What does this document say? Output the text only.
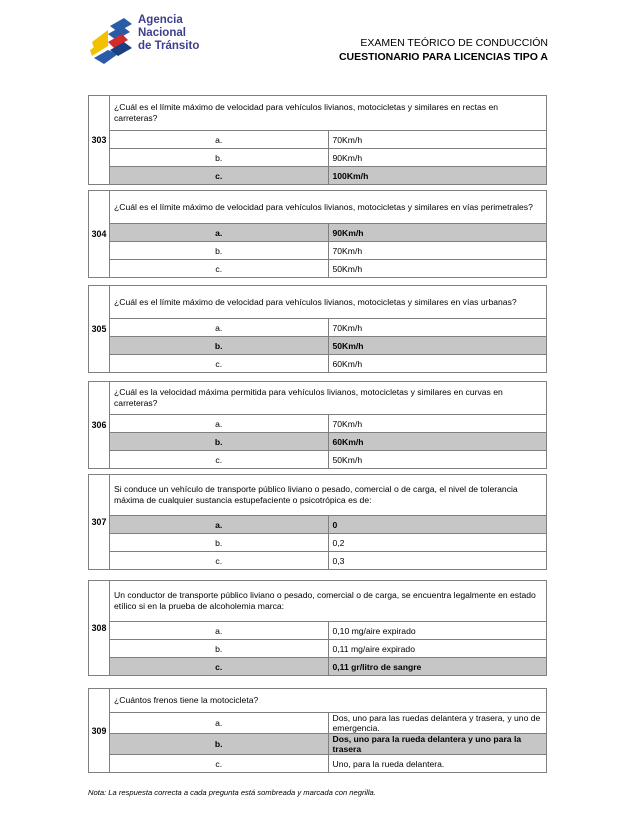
Agencia
Nacional
de Tránsito	EXAMEN TEÓRICO DE CONDUCCIÓN
CUESTIONARIO PARA LICENCIAS TIPO A
303	¿Cuál es el límite máximo de velocidad para vehículos livianos, motocicletas y similares en rectas en carreteras?	
	a.	70Km/h
	b.	90Km/h
	c.	100Km/h
304	¿Cuál es el límite máximo de velocidad para vehículos livianos, motocicletas y similares en vías perimetrales?	
	a.	90Km/h
	b.	70Km/h
	c.	50Km/h
305	¿Cuál es el límite máximo de velocidad para vehículos livianos, motocicletas y similares en vías urbanas?	
	a.	70Km/h
	b.	50Km/h
	c.	60Km/h
306	¿Cuál es la velocidad máxima permitida para vehículos livianos, motocicletas y similares en curvas en carreteras?	
	a.	70Km/h
	b.	60Km/h
	c.	50Km/h
307	Si conduce un vehículo de transporte público liviano o pesado, comercial o de carga, el nivel de tolerancia máxima de cualquier sustancia estupefaciente o psicotrópica es de:	
	a.	0
	b.	0,2
	c.	0,3
308	Un conductor de transporte público liviano o pesado, comercial o de carga, se encuentra legalmente en estado etílico si en la prueba de alcoholemia marca:	
	a.	0,10 mg/aire expirado
	b.	0,11 mg/aire expirado
	c.	0,11 gr/litro de sangre
309	¿Cuántos frenos tiene la motocicleta?	
	a.	Dos, uno para las ruedas delantera y trasera, y uno de emergencia.
	b.	Dos, uno para la rueda delantera y uno para la trasera
	c.	Uno, para la rueda delantera.
Nota: La respuesta correcta a cada pregunta está sombreada y marcada con negrilla.
